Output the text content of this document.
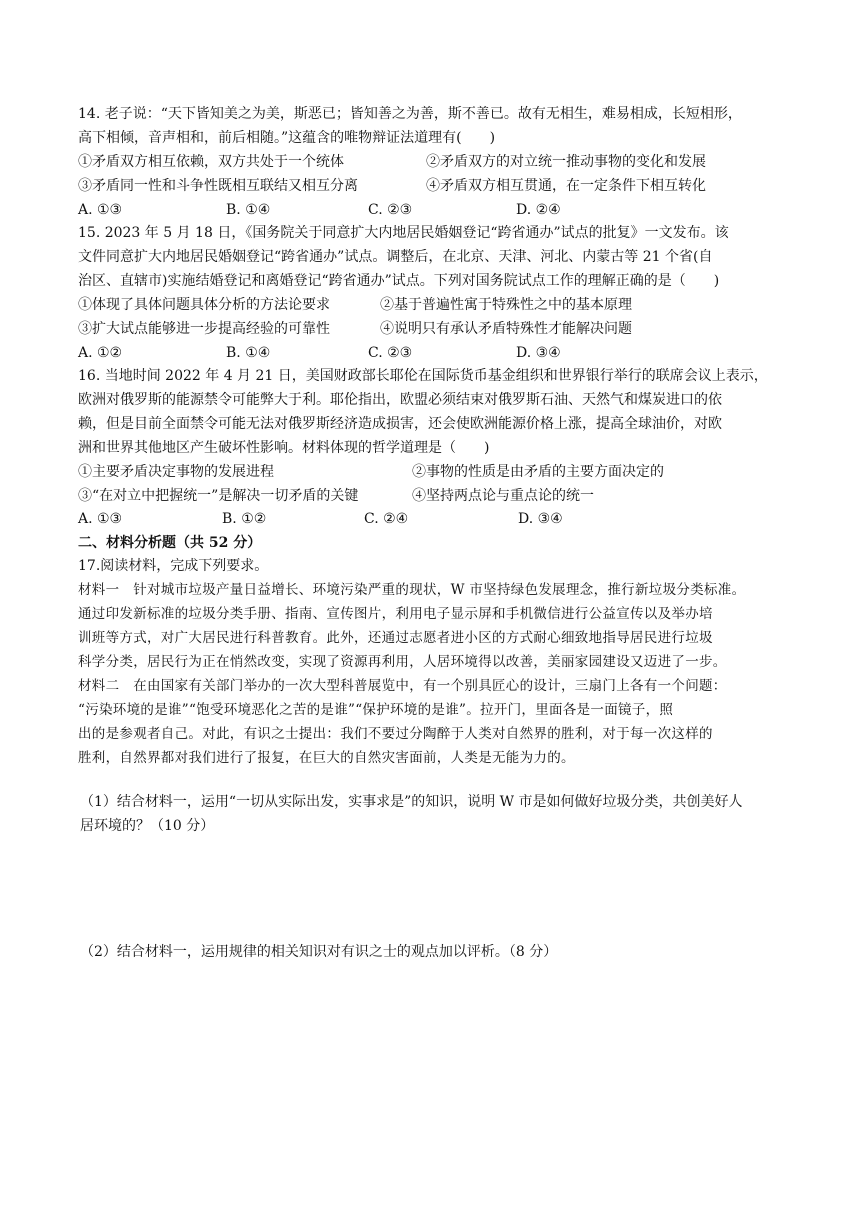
14. 老子说：“天下皆知美之为美，斯恶已；皆知善之为善，斯不善已。故有无相生，难易相成，长短相形，
高下相倾，音声相和，前后相随。”这蕴含的唯物辩证法道理有(　　)
①矛盾双方相互依赖，双方共处于一个统体	②矛盾双方的对立统一推动事物的变化和发展
③矛盾同一性和斗争性既相互联结又相互分离	④矛盾双方相互贯通，在一定条件下相互转化
A. ①③	B. ①④	C. ②③	D. ②④
15. 2023 年 5 月 18 日，《国务院关于同意扩大内地居民婚姻登记“跨省通办”试点的批复》一文发布。该
文件同意扩大内地居民婚姻登记“跨省通办”试点。调整后，在北京、天津、河北、内蒙古等 21 个省(自
治区、直辖市)实施结婚登记和离婚登记“跨省通办”试点。下列对国务院试点工作的理解正确的是（　　)
①体现了具体问题具体分析的方法论要求	②基于普遍性寓于特殊性之中的基本原理
③扩大试点能够进一步提高经验的可靠性	④说明只有承认矛盾特殊性才能解决问题
A. ①②	B. ①④	C. ②③	D. ③④
16. 当地时间 2022 年 4 月 21 日，美国财政部长耶伦在国际货币基金组织和世界银行举行的联席会议上表示，
欧洲对俄罗斯的能源禁令可能弊大于利。耶伦指出，欧盟必须结束对俄罗斯石油、天然气和煤炭进口的依
赖，但是目前全面禁令可能无法对俄罗斯经济造成损害，还会使欧洲能源价格上涨，提高全球油价，对欧
洲和世界其他地区产生破坏性影响。材料体现的哲学道理是（　　)
①主要矛盾决定事物的发展进程	②事物的性质是由矛盾的主要方面决定的
③“在对立中把握统一”是解决一切矛盾的关键	④坚持两点论与重点论的统一
A. ①③	B. ①②	C. ②④	D. ③④
二、材料分析题（共 52 分）
17.阅读材料，完成下列要求。
材料一　针对城市垃圾产量日益增长、环境污染严重的现状，W 市坚持绿色发展理念，推行新垃圾分类标准。
通过印发新标准的垃圾分类手册、指南、宣传图片，利用电子显示屏和手机微信进行公益宣传以及举办培
训班等方式，对广大居民进行科普教育。此外，还通过志愿者进小区的方式耐心细致地指导居民进行垃圾
科学分类，居民行为正在悄然改变，实现了资源再利用，人居环境得以改善，美丽家园建设又迈进了一步。
材料二　在由国家有关部门举办的一次大型科普展览中，有一个别具匠心的设计，三扇门上各有一个问题：
“污染环境的是谁”“饱受环境恶化之苦的是谁”“保护环境的是谁”。拉开门，里面各是一面镜子，照
出的是参观者自己。对此，有识之士提出：我们不要过分陶醉于人类对自然界的胜利，对于每一次这样的
胜利，自然界都对我们进行了报复，在巨大的自然灾害面前，人类是无能为力的。
（1）结合材料一，运用“一切从实际出发，实事求是”的知识，说明 W 市是如何做好垃圾分类，共创美好人
居环境的？（10 分）
（2）结合材料一，运用规律的相关知识对有识之士的观点加以评析。（8 分）
